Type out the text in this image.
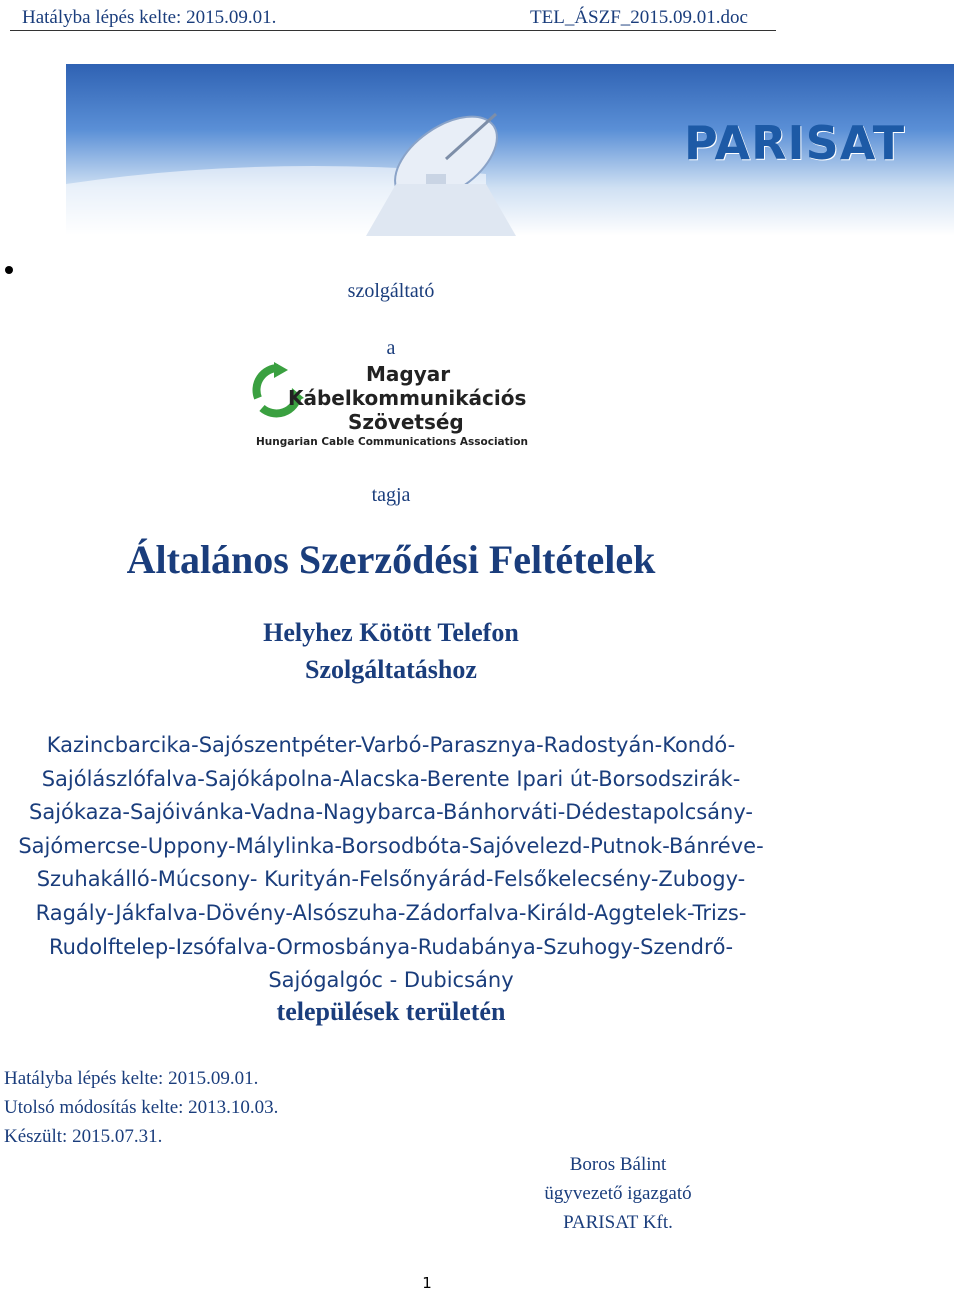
Hatályba lépés kelte: 2015.09.01.	TEL_ÁSZF_2015.09.01.doc
PARISAT
szolgáltató
a
Magyar
Kábelkommunikációs
Szövetség
Hungarian Cable Communications Association
tagja
Általános Szerződési Feltételek
Helyhez Kötött Telefon
Szolgáltatáshoz
Kazincbarcika-Sajószentpéter-Varbó-Parasznya-Radostyán-Kondó-
Sajólászlófalva-Sajókápolna-Alacska-Berente Ipari út-Borsodszirák-
Sajókaza-Sajóivánka-Vadna-Nagybarca-Bánhorváti-Dédestapolcsány-
Sajómercse-Uppony-Málylinka-Borsodbóta-Sajóvelezd-Putnok-Bánréve-
Szuhakálló-Múcsony- Kurityán-Felsőnyárád-Felsőkelecsény-Zubogy-
Ragály-Jákfalva-Dövény-Alsószuha-Zádorfalva-Királd-Aggtelek-Trizs-
Rudolftelep-Izsófalva-Ormosbánya-Rudabánya-Szuhogy-Szendrő-
Sajógalgóc - Dubicsány
települések területén
Hatályba lépés kelte: 2015.09.01.
Utolsó módosítás kelte: 2013.10.03.
Készült: 2015.07.31.
Boros Bálint
ügyvezető igazgató
PARISAT Kft.
1
